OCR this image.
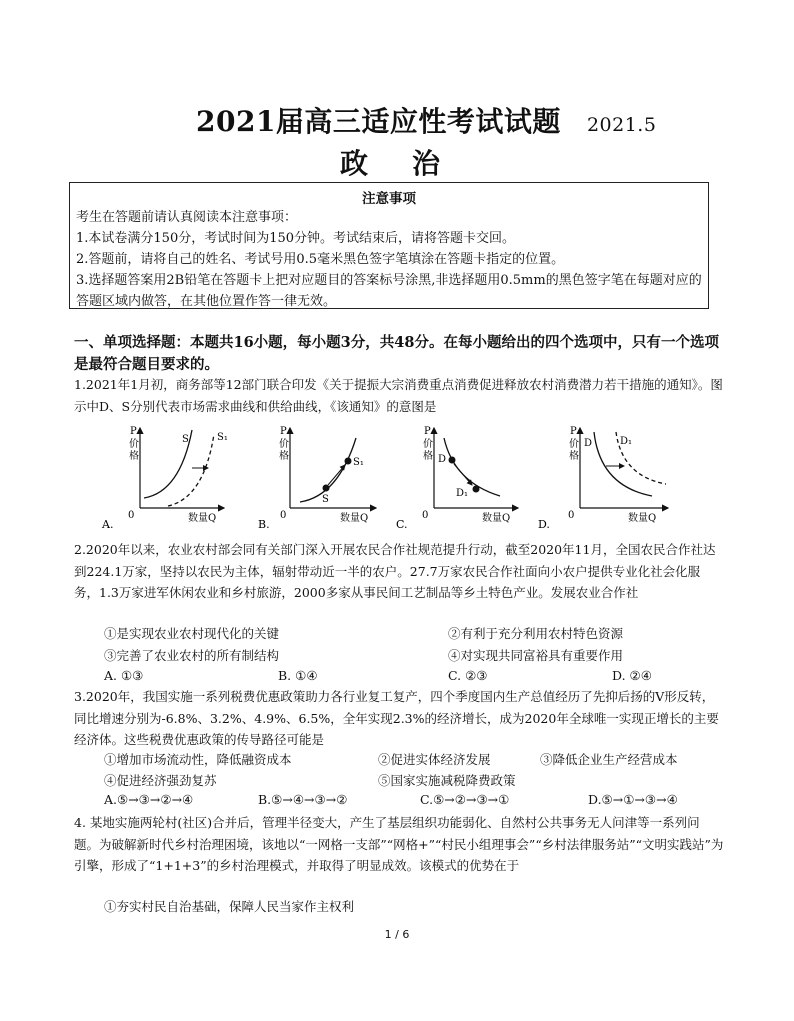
2021届高三适应性考试试题 2021.5
政治
注意事项
考生在答题前请认真阅读本注意事项：
1.本试卷满分150分，考试时间为150分钟。考试结束后，请将答题卡交回。
2.答题前，请将自己的姓名、考试号用0.5毫米黑色签字笔填涂在答题卡指定的位置。
3.选择题答案用2B铅笔在答题卡上把对应题目的答案标号涂黑,非选择题用0.5mm的黑色签字笔在每题对应的答题区域内做答，在其他位置作答一律无效。
一、单项选择题：本题共16小题，每小题3分，共48分。在每小题给出的四个选项中，只有一个选项是最符合题目要求的。
1.2021年1月初，商务部等12部门联合印发《关于提振大宗消费重点消费促进释放农村消费潜力若干措施的通知》。图示中D、S分别代表市场需求曲线和供给曲线，《该通知》的意图是
P
价
格
0	数量Q
S	S₁
A.
P
价
格
0	数量Q
S
S₁
B.
P
价
格
0	数量Q
D
D₁
C.
P
价
格
0	数量Q
D	D₁
D.
2.2020年以来，农业农村部会同有关部门深入开展农民合作社规范提升行动，截至2020年11月，全国农民合作社达到224.1万家，坚持以农民为主体，辐射带动近一半的农户。27.7万家农民合作社面向小农户提供专业化社会化服务，1.3万家进军休闲农业和乡村旅游，2000多家从事民间工艺制品等乡土特色产业。发展农业合作社
①是实现农业农村现代化的关键	②有利于充分利用农村特色资源
③完善了农业农村的所有制结构	④对实现共同富裕具有重要作用
A. ①③	B. ①④	C. ②③	D. ②④
3.2020年，我国实施一系列税费优惠政策助力各行业复工复产，四个季度国内生产总值经历了先抑后扬的V形反转，同比增速分别为-6.8%、3.2%、4.9%、6.5%，全年实现2.3%的经济增长，成为2020年全球唯一实现正增长的主要经济体。这些税费优惠政策的传导路径可能是
①增加市场流动性，降低融资成本	②促进实体经济发展	③降低企业生产经营成本
④促进经济强劲复苏	⑤国家实施减税降费政策
A.⑤→③→②→④	B.⑤→④→③→②	C.⑤→②→③→①	D.⑤→①→③→④
4. 某地实施两轮村(社区)合并后，管理半径变大，产生了基层组织功能弱化、自然村公共事务无人问津等一系列问题。为破解新时代乡村治理困境，该地以“一网格一支部”“网格+”“村民小组理事会”“乡村法律服务站”“文明实践站”为引擎，形成了“1+1+3”的乡村治理模式，并取得了明显成效。该模式的优势在于
①夯实村民自治基础，保障人民当家作主权利
1 / 6
